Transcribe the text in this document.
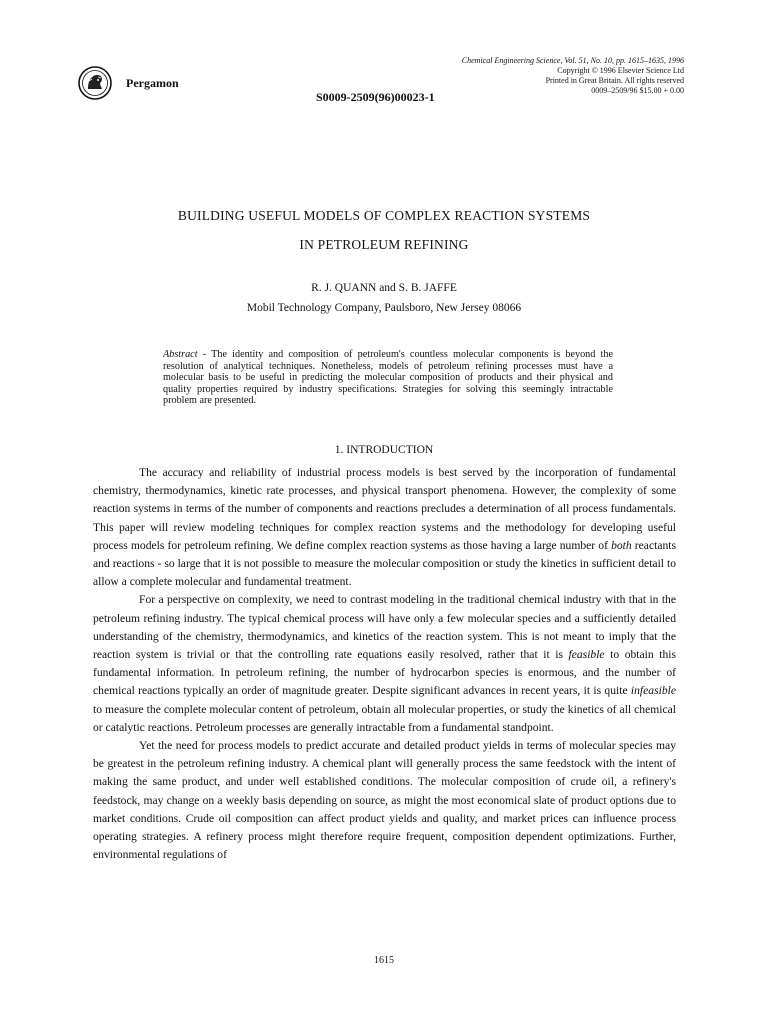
Pergamon
S0009-2509(96)00023-1
Chemical Engineering Science, Vol. 51, No. 10, pp. 1615–1635, 1996
Copyright © 1996 Elsevier Science Ltd
Printed in Great Britain. All rights reserved
0009–2509/96 $15.00 + 0.00
BUILDING USEFUL MODELS OF COMPLEX REACTION SYSTEMS
IN PETROLEUM REFINING
R. J. QUANN and S. B. JAFFE
Mobil Technology Company, Paulsboro, New Jersey 08066
Abstract - The identity and composition of petroleum's countless molecular components is beyond the resolution of analytical techniques. Nonetheless, models of petroleum refining processes must have a molecular basis to be useful in predicting the molecular composition of products and their physical and quality properties required by industry specifications. Strategies for solving this seemingly intractable problem are presented.
1. INTRODUCTION

The accuracy and reliability of industrial process models is best served by the incorporation of fundamental chemistry, thermodynamics, kinetic rate processes, and physical transport phenomena. However, the complexity of some reaction systems in terms of the number of components and reactions precludes a determination of all process fundamentals. This paper will review modeling techniques for complex reaction systems and the methodology for developing useful process models for petroleum refining. We define complex reaction systems as those having a large number of both reactants and reactions - so large that it is not possible to measure the molecular composition or study the kinetics in sufficient detail to allow a complete molecular and fundamental treatment.

For a perspective on complexity, we need to contrast modeling in the traditional chemical industry with that in the petroleum refining industry. The typical chemical process will have only a few molecular species and a sufficiently detailed understanding of the chemistry, thermodynamics, and kinetics of the reaction system. This is not meant to imply that the reaction system is trivial or that the controlling rate equations easily resolved, rather that it is feasible to obtain this fundamental information. In petroleum refining, the number of hydrocarbon species is enormous, and the number of chemical reactions typically an order of magnitude greater. Despite significant advances in recent years, it is quite infeasible to measure the complete molecular content of petroleum, obtain all molecular properties, or study the kinetics of all chemical or catalytic reactions. Petroleum processes are generally intractable from a fundamental standpoint.

Yet the need for process models to predict accurate and detailed product yields in terms of molecular species may be greatest in the petroleum refining industry. A chemical plant will generally process the same feedstock with the intent of making the same product, and under well established conditions. The molecular composition of crude oil, a refinery's feedstock, may change on a weekly basis depending on source, as might the most economical slate of product options due to market conditions. Crude oil composition can affect product yields and quality, and market prices can influence process operating strategies. A refinery process might therefore require frequent, composition dependent optimizations. Further, environmental regulations of

1615
